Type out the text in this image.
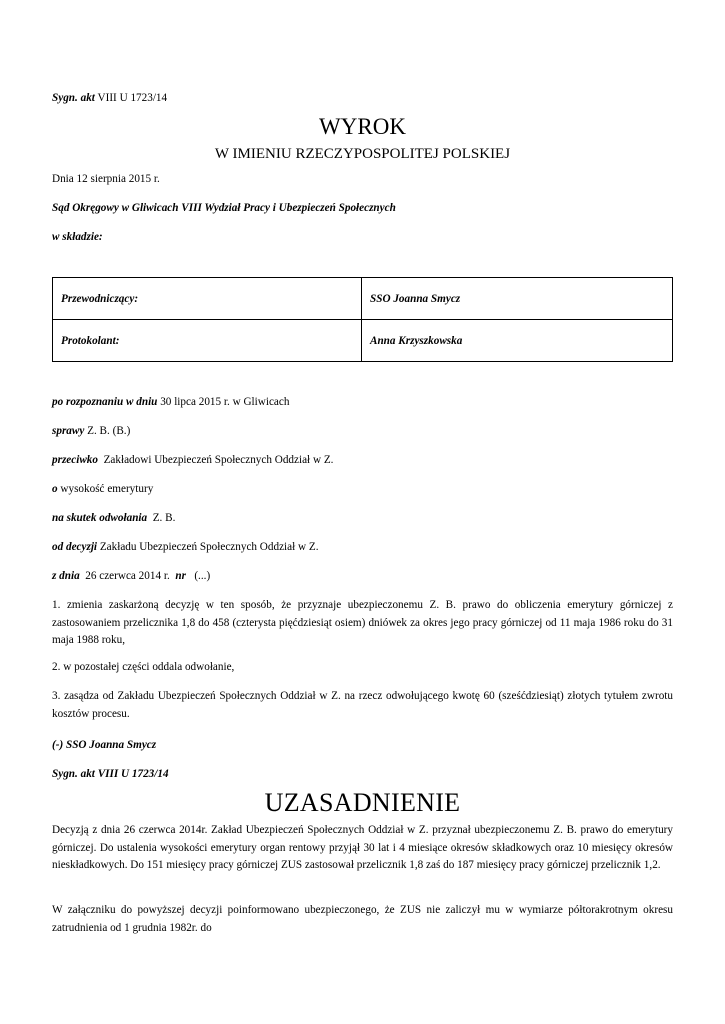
Sygn. akt VIII U 1723/14
WYROK
W IMIENIU RZECZYPOSPOLITEJ POLSKIEJ
Dnia 12 sierpnia 2015 r.
Sąd Okręgowy w Gliwicach VIII Wydział Pracy i Ubezpieczeń Społecznych
w składzie:
Przewodniczący:	SSO Joanna Smycz
Protokolant:	Anna Krzyszkowska
po rozpoznaniu w dniu 30 lipca 2015 r. w Gliwicach
sprawy Z. B. (B.)
przeciwko  Zakładowi Ubezpieczeń Społecznych Oddział w Z.
o wysokość emerytury
na skutek odwołania  Z. B.
od decyzji Zakładu Ubezpieczeń Społecznych Oddział w Z.
z dnia  26 czerwca 2014 r.  nr   (...)
1. zmienia zaskarżoną decyzję w ten sposób, że przyznaje ubezpieczonemu Z. B. prawo do obliczenia emerytury górniczej z zastosowaniem przelicznika 1,8 do 458 (czterysta pięćdziesiąt osiem) dniówek za okres jego pracy górniczej od 11 maja 1986 roku do 31 maja 1988 roku,
2. w pozostałej części oddala odwołanie,
3. zasądza od Zakładu Ubezpieczeń Społecznych Oddział w Z. na rzecz odwołującego kwotę 60 (sześćdziesiąt) złotych tytułem zwrotu kosztów procesu.
(-) SSO Joanna Smycz
Sygn. akt VIII U 1723/14
UZASADNIENIE
Decyzją z dnia 26 czerwca 2014r. Zakład Ubezpieczeń Społecznych Oddział w Z. przyznał ubezpieczonemu Z. B. prawo do emerytury górniczej. Do ustalenia wysokości emerytury organ rentowy przyjął 30 lat i 4 miesiące okresów składkowych oraz 10 miesięcy okresów nieskładkowych. Do 151 miesięcy pracy górniczej ZUS zastosował przelicznik 1,8 zaś do 187 miesięcy pracy górniczej przelicznik 1,2.
W załączniku do powyższej decyzji poinformowano ubezpieczonego, że ZUS nie zaliczył mu w wymiarze półtorakrotnym okresu zatrudnienia od 1 grudnia 1982r. do
